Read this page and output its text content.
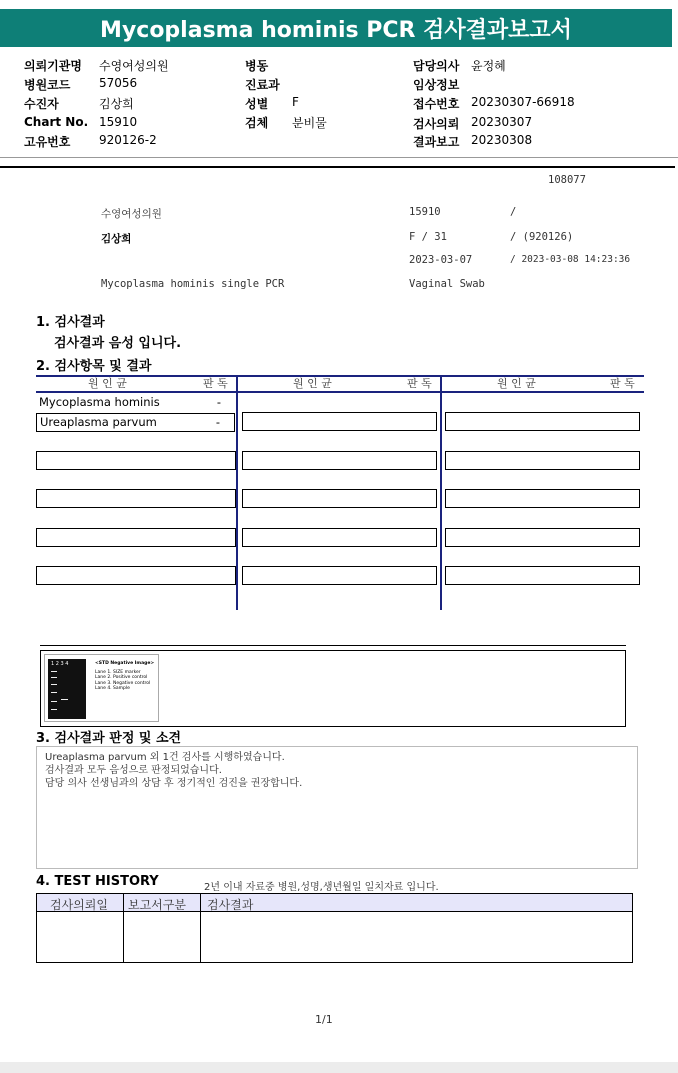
Mycoplasma hominis PCR 검사결과보고서
의뢰기관명 수영여성의원
병원코드 57056
수진자	김상희
Chart No. 15910
고유번호 920126-2
병동
진료과
성별 F
검체 분비물
담당의사 윤정혜
임상정보
접수번호 20230307-66918
검사의뢰 20230307
결과보고 20230308
108077
수영여성의원	15910	/
김상희	F / 31	/ (920126)
2023-03-07	/ 2023-03-08 14:23:36
Mycoplasma hominis single PCR	Vaginal Swab
1. 검사결과
검사결과 음성 입니다.
2. 검사항목 및 결과
원 인 균	판 독	원 인 균	판 독	원 인 균	판 독
Mycoplasma hominis	-
Ureaplasma parvum	-
1 2 3 4	<STD Negative Image>
Lane 1. SIZE marker
Lane 2. Positive control
Lane 3. Negative control
Lane 4. Sample
3. 검사결과 판정 및 소견
Ureaplasma parvum 외 1건 검사를 시행하였습니다.
검사결과 모두 음성으로 판정되었습니다.
담당 의사 선생님과의 상담 후 정기적인 검진을 권장합니다.
4. TEST HISTORY	2년 이내 자료중 병원,성명,생년월일 일치자료 입니다.
검사의뢰일 보고서구분 검사결과
1/1
